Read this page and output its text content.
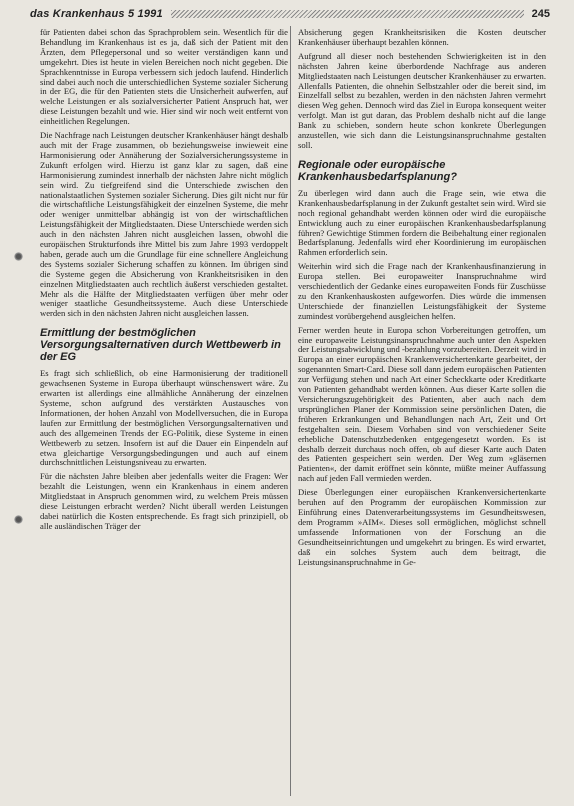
das Krankenhaus 5 1991	245

für Patienten dabei schon das Sprachproblem sein. Wesentlich für die Behandlung im Krankenhaus ist es ja, daß sich der Patient mit den Ärzten, dem Pflegepersonal und so weiter verständigen kann und umgekehrt. Dies ist heute in vielen Bereichen noch nicht gegeben. Die Sprachkenntnisse in Europa verbessern sich jedoch laufend. Hinderlich sind dabei auch noch die unterschiedlichen Systeme sozialer Sicherung in der EG, die für den Patienten stets die Unsicherheit aufwerfen, auf welche Leistungen er als sozialversicherter Patient Anspruch hat, wer diese Leistungen bezahlt und wie. Hier sind wir noch weit entfernt von einheitlichen Regelungen.

Die Nachfrage nach Leistungen deutscher Krankenhäuser hängt deshalb auch mit der Frage zusammen, ob beziehungsweise inwieweit eine Harmonisierung oder Annäherung der Sozialversicherungssysteme in Zukunft erfolgen wird. Hierzu ist ganz klar zu sagen, daß eine Harmonisierung zumindest innerhalb der nächsten Jahre nicht möglich sein wird. Zu tiefgreifend sind die Unterschiede zwischen den nationalstaatlichen Systemen sozialer Sicherung. Dies gilt nicht nur für die wirtschaftliche Leistungsfähigkeit der einzelnen Systeme, die mehr oder weniger unmittelbar abhängig ist von der wirtschaftlichen Leistungsfähigkeit der Mitgliedstaaten. Diese Unterschiede werden sich auch in den nächsten Jahren nicht ausgleichen lassen, obwohl die europäischen Strukturfonds ihre Mittel bis zum Jahre 1993 verdoppelt haben, gerade auch um die Grundlage für eine schnellere Angleichung des Systems sozialer Sicherung schaffen zu können. Im übrigen sind die Systeme gegen die Absicherung von Krankheitsrisiken in den einzelnen Mitgliedstaaten auch rechtlich äußerst verschieden gestaltet. Mehr als die Hälfte der Mitgliedstaaten verfügen über mehr oder weniger staatliche Gesundheitssysteme. Auch diese Unterschiede werden sich in den nächsten Jahren nicht ausgleichen lassen.

Ermittlung der bestmöglichen Versorgungsalternativen durch Wettbewerb in der EG

Es fragt sich schließlich, ob eine Harmonisierung der traditionell gewachsenen Systeme in Europa überhaupt wünschenswert wäre. Zu erwarten ist allerdings eine allmähliche Annäherung der einzelnen Systeme, schon aufgrund des verstärkten Austausches von Informationen, der hohen Anzahl von Modellversuchen, die in Europa laufen zur Ermittlung der bestmöglichen Versorgungsalternativen und auch des allgemeinen Trends der EG-Politik, diese Systeme in einen Wettbewerb zu setzen. Insofern ist auf die Dauer ein Einpendeln auf etwa gleichartige Versorgungsbedingungen und auch auf einem durchschnittlichen Leistungsniveau zu erwarten.

Für die nächsten Jahre bleiben aber jedenfalls weiter die Fragen: Wer bezahlt die Leistungen, wenn ein Krankenhaus in einem anderen Mitgliedstaat in Anspruch genommen wird, zu welchem Preis müssen diese Leistungen erbracht werden? Nicht überall werden Leistungen dabei natürlich die Kosten entsprechende. Es fragt sich prinzipiell, ob alle ausländischen Träger der

Absicherung gegen Krankheitsrisiken die Kosten deutscher Krankenhäuser überhaupt bezahlen können.

Aufgrund all dieser noch bestehenden Schwierigkeiten ist in den nächsten Jahren keine überbordende Nachfrage aus anderen Mitgliedstaaten nach Leistungen deutscher Krankenhäuser zu erwarten. Allenfalls Patienten, die ohnehin Selbstzahler oder die bereit sind, im Einzelfall selbst zu bezahlen, werden in den nächsten Jahren vermehrt diesen Weg gehen. Dennoch wird das Ziel in Europa konsequent weiter verfolgt. Man ist gut daran, das Problem deshalb nicht auf die lange Bank zu schieben, sondern heute schon konkrete Überlegungen anzustellen, wie sich dann die Leistungsinanspruchnahme gestalten soll.

Regionale oder europäische Krankenhausbedarfsplanung?

Zu überlegen wird dann auch die Frage sein, wie etwa die Krankenhausbedarfsplanung in der Zukunft gestaltet sein wird. Wird sie noch regional gehandhabt werden können oder wird die europäische Entwicklung auch zu einer europäischen Krankenhausbedarfsplanung führen? Gewichtige Stimmen fordern die Beibehaltung einer regionalen Bedarfsplanung. Jedenfalls wird eher Koordinierung im europäischen Rahmen erforderlich sein.

Weiterhin wird sich die Frage nach der Krankenhausfinanzierung in Europa stellen. Bei europaweiter Inanspruchnahme wird verschiedentlich der Gedanke eines europaweiten Fonds für Zuschüsse zu den Krankenhauskosten aufgeworfen. Dies würde die immensen Unterschiede der finanziellen Leistungsfähigkeit der Systeme zumindest vorübergehend ausgleichen helfen.

Ferner werden heute in Europa schon Vorbereitungen getroffen, um eine europaweite Leistungsinanspruchnahme auch unter den Aspekten der Leistungsabwicklung und -bezahlung vorzubereiten. Derzeit wird in Europa an einer europäischen Krankenversichertenkarte gearbeitet, der sogenannten Smart-Card. Diese soll dann jedem europäischen Patienten zur Verfügung stehen und nach Art einer Scheckkarte oder Kreditkarte von Patienten gehandhabt werden können. Aus dieser Karte sollen die Versicherungszugehörigkeit des Patienten, aber auch nach dem ursprünglichen Planer der Kommission seine persönlichen Daten, die früheren Erkrankungen und Behandlungen nach Art, Zeit und Ort festgehalten sein. Diesem Vorhaben sind von verschiedener Seite erhebliche Datenschutzbedenken entgegengesetzt worden. Es ist deshalb derzeit durchaus noch offen, ob auf dieser Karte auch Daten des Patienten gespeichert sein werden. Der Weg zum »gläsernen Patienten«, der damit eröffnet sein könnte, müßte meiner Auffassung nach auf jeden Fall vermieden werden.

Diese Überlegungen einer europäischen Krankenversichertenkarte beruhen auf den Programm der europäischen Kommission zur Einführung eines Datenverarbeitungssystems im Gesundheitswesen, dem Programm »AIM«. Dieses soll ermöglichen, möglichst schnell umfassende Informationen von der Forschung an die Gesundheitseinrichtungen und umgekehrt zu bringen. Es wird erwartet, daß ein solches System auch dem beitragt, die Leistungsinanspruchnahme in Ge-
